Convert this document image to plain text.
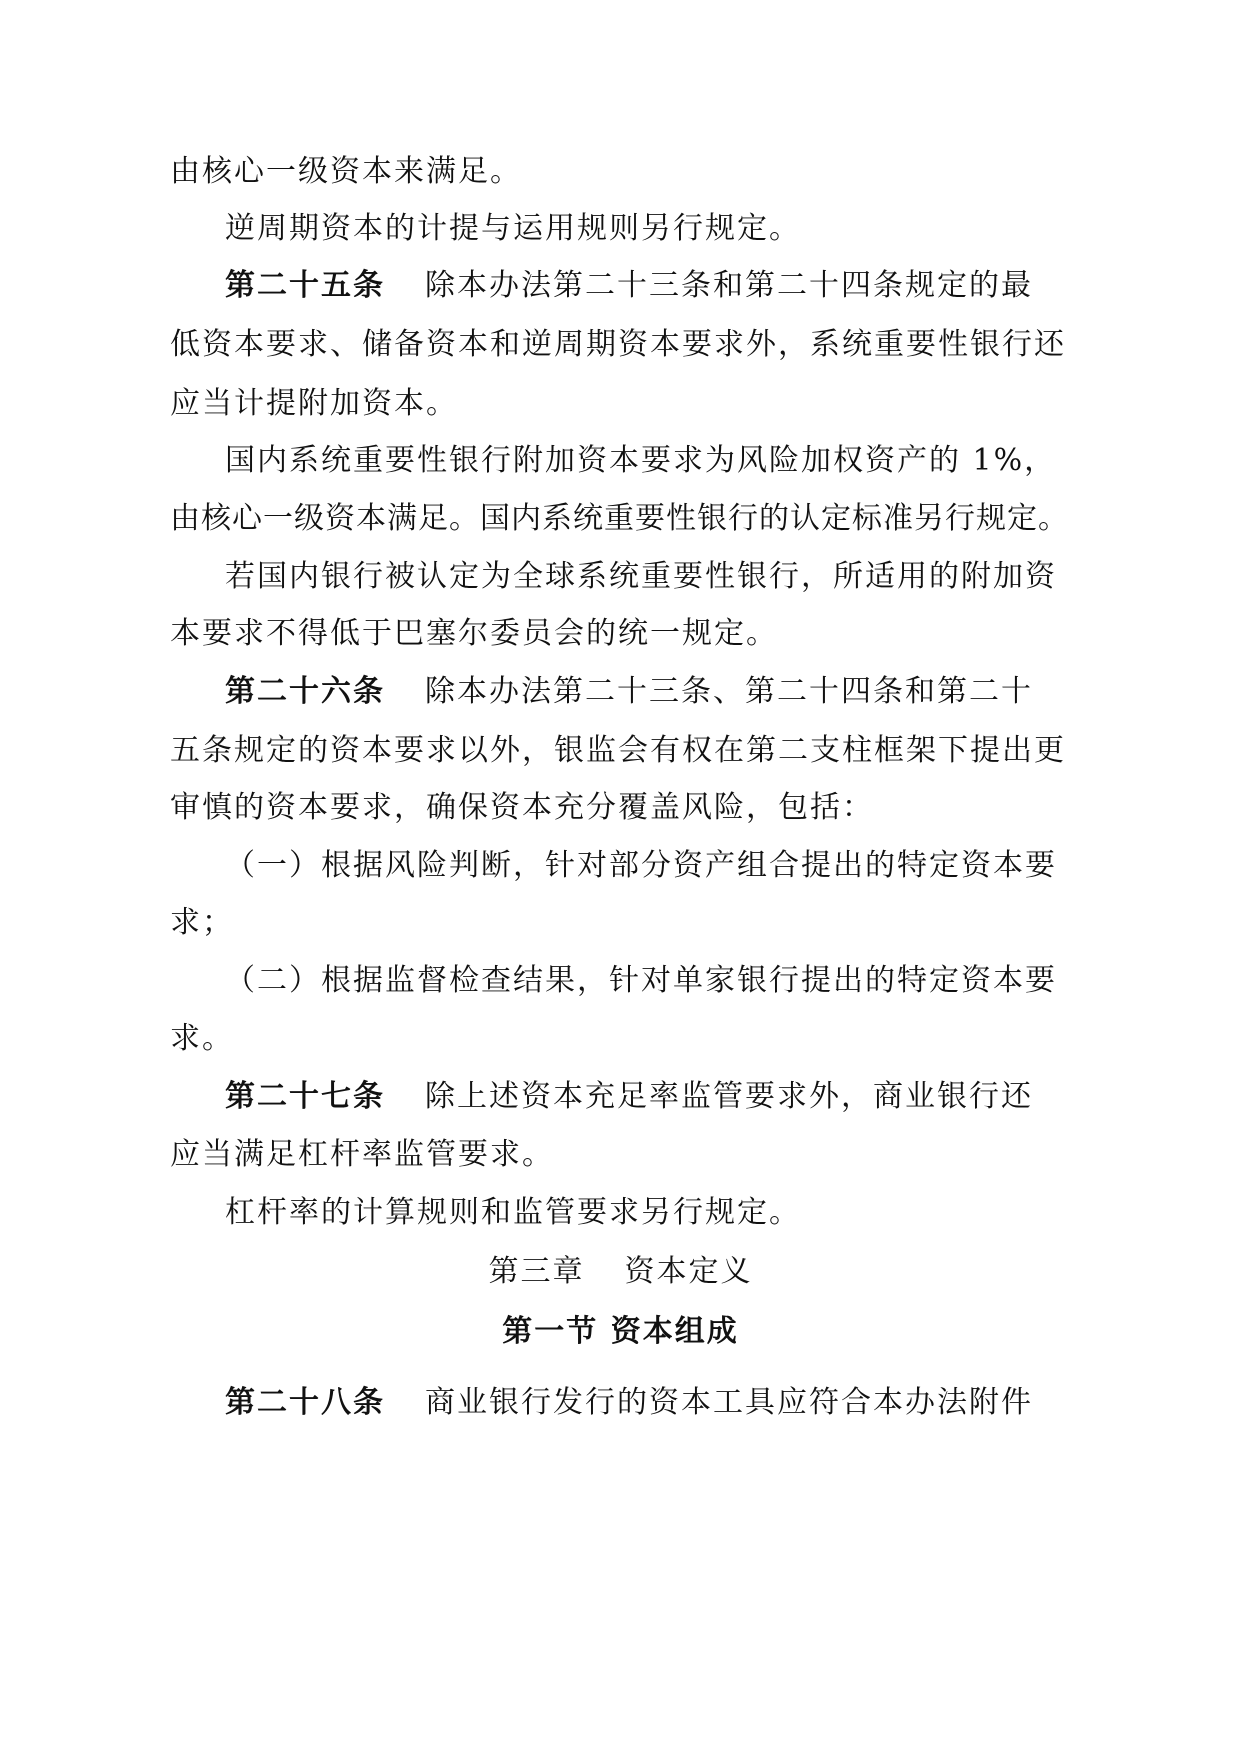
由核心一级资本来满足。
逆周期资本的计提与运用规则另行规定。
第二十五条 除本办法第二十三条和第二十四条规定的最
低资本要求、储备资本和逆周期资本要求外，系统重要性银行还
应当计提附加资本。
国内系统重要性银行附加资本要求为风险加权资产的 1%，
由核心一级资本满足。国内系统重要性银行的认定标准另行规定。
若国内银行被认定为全球系统重要性银行，所适用的附加资
本要求不得低于巴塞尔委员会的统一规定。
第二十六条 除本办法第二十三条、第二十四条和第二十
五条规定的资本要求以外，银监会有权在第二支柱框架下提出更
审慎的资本要求，确保资本充分覆盖风险，包括：
（一）根据风险判断，针对部分资产组合提出的特定资本要
求；
（二）根据监督检查结果，针对单家银行提出的特定资本要
求。
第二十七条 除上述资本充足率监管要求外，商业银行还
应当满足杠杆率监管要求。
杠杆率的计算规则和监管要求另行规定。
第三章 资本定义
第一节 资本组成
第二十八条 商业银行发行的资本工具应符合本办法附件
